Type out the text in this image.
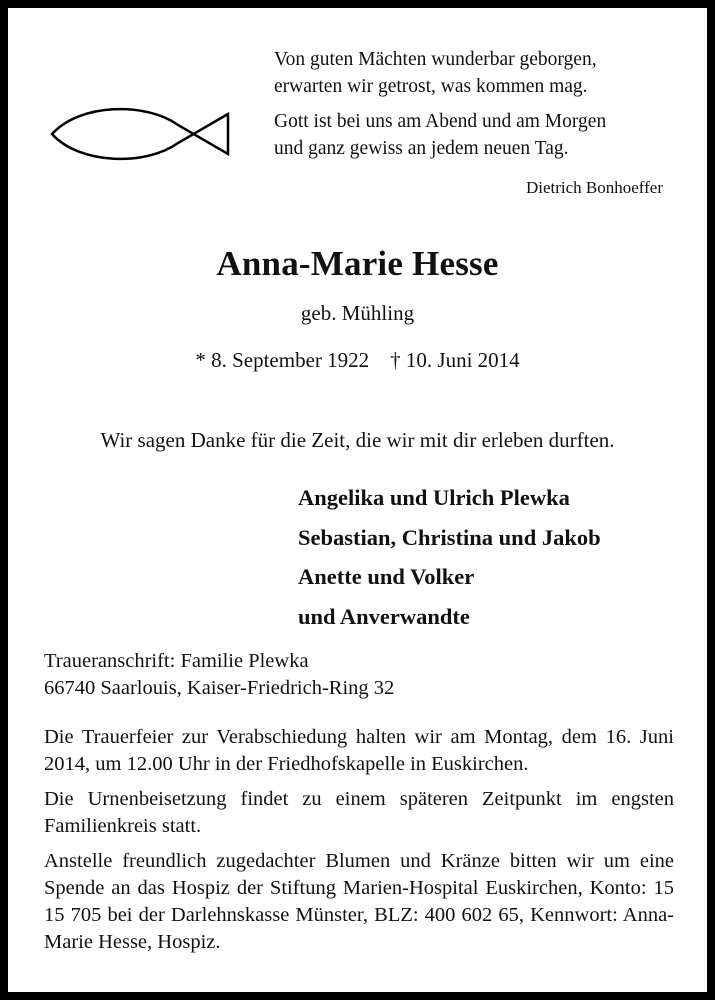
Von guten Mächten wunderbar geborgen,
erwarten wir getrost, was kommen mag.

Gott ist bei uns am Abend und am Morgen
und ganz gewiss an jedem neuen Tag.

Dietrich Bonhoeffer
Anna-Marie Hesse
geb. Mühling
* 8. September 1922 † 10. Juni 2014
Wir sagen Danke für die Zeit, die wir mit dir erleben durften.
Angelika und Ulrich Plewka
Sebastian, Christina und Jakob
Anette und Volker
und Anverwandte
Traueranschrift: Familie Plewka
66740 Saarlouis, Kaiser-Friedrich-Ring 32

Die Trauerfeier zur Verabschiedung halten wir am Montag, dem 16. Juni 2014, um 12.00 Uhr in der Friedhofskapelle in Euskirchen.

Die Urnenbeisetzung findet zu einem späteren Zeitpunkt im engsten Familienkreis statt.

Anstelle freundlich zugedachter Blumen und Kränze bitten wir um eine Spende an das Hospiz der Stiftung Marien-Hospital Euskirchen, Konto: 15 15 705 bei der Darlehnskasse Münster, BLZ: 400 602 65, Kennwort: Anna-Marie Hesse, Hospiz.
